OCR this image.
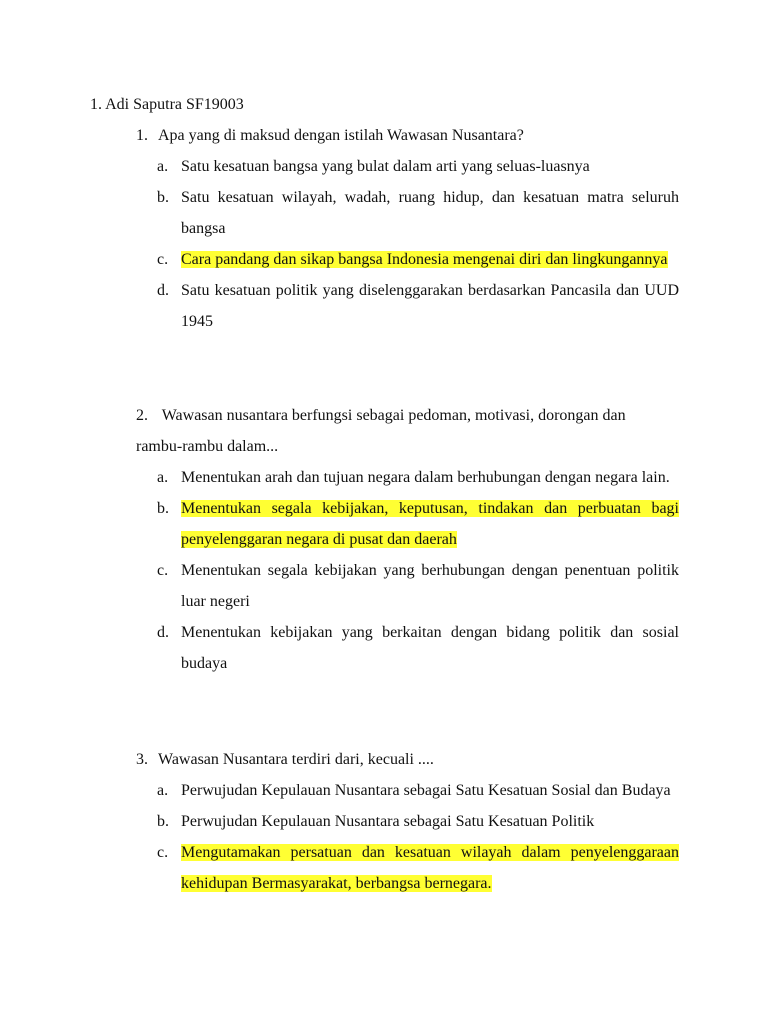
1. Adi Saputra SF19003
1. Apa yang di maksud dengan istilah Wawasan Nusantara?
a. Satu kesatuan bangsa yang bulat dalam arti yang seluas-luasnya
b. Satu kesatuan wilayah, wadah, ruang hidup, dan kesatuan matra seluruh bangsa
c. Cara pandang dan sikap bangsa Indonesia mengenai diri dan lingkungannya
d. Satu kesatuan politik yang diselenggarakan berdasarkan Pancasila dan UUD 1945
2. Wawasan nusantara berfungsi sebagai pedoman, motivasi, dorongan dan
rambu-rambu dalam...
a. Menentukan arah dan tujuan negara dalam berhubungan dengan negara lain.
b. Menentukan segala kebijakan, keputusan, tindakan dan perbuatan bagi penyelenggaran negara di pusat dan daerah
c. Menentukan segala kebijakan yang berhubungan dengan penentuan politik luar negeri
d. Menentukan kebijakan yang berkaitan dengan bidang politik dan sosial budaya
3. Wawasan Nusantara terdiri dari, kecuali ....
a. Perwujudan Kepulauan Nusantara sebagai Satu Kesatuan Sosial dan Budaya
b. Perwujudan Kepulauan Nusantara sebagai Satu Kesatuan Politik
c. Mengutamakan persatuan dan kesatuan wilayah dalam penyelenggaraan kehidupan Bermasyarakat, berbangsa bernegara.
